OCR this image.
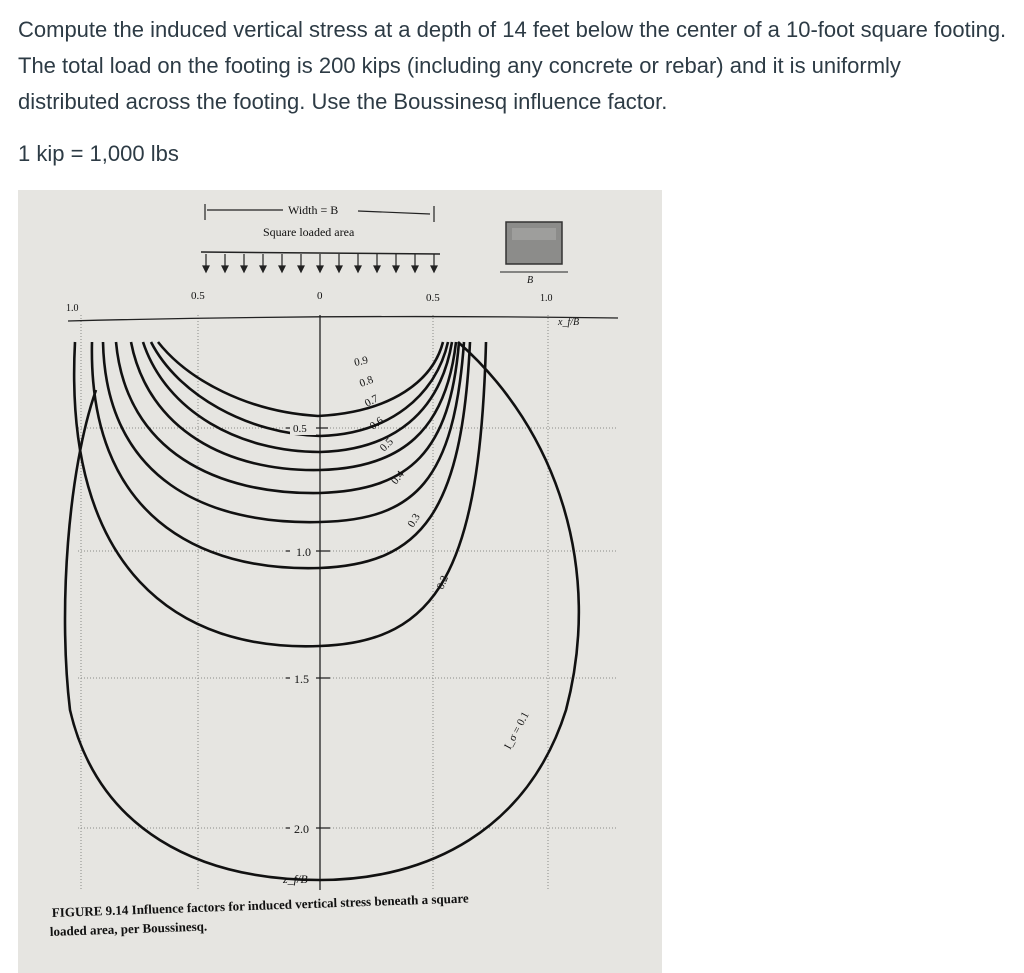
Compute the induced vertical stress at a depth of 14 feet below the center of a 10-foot square footing. The total load on the footing is 200 kips (including any concrete or rebar) and it is uniformly distributed across the footing. Use the Boussinesq influence factor.

1 kip = 1,000 lbs
Width = B
Square loaded area
B
1.0
0.5	0	0.5	1.0
x_f/B
0.5
1.0
1.5
2.0
z_f/B
0.9
0.8
0.7
0.6
0.5
0.4
0.3
0.2
I_σ = 0.1
FIGURE 9.14 Influence factors for induced vertical stress beneath a square
loaded area, per Boussinesq.
